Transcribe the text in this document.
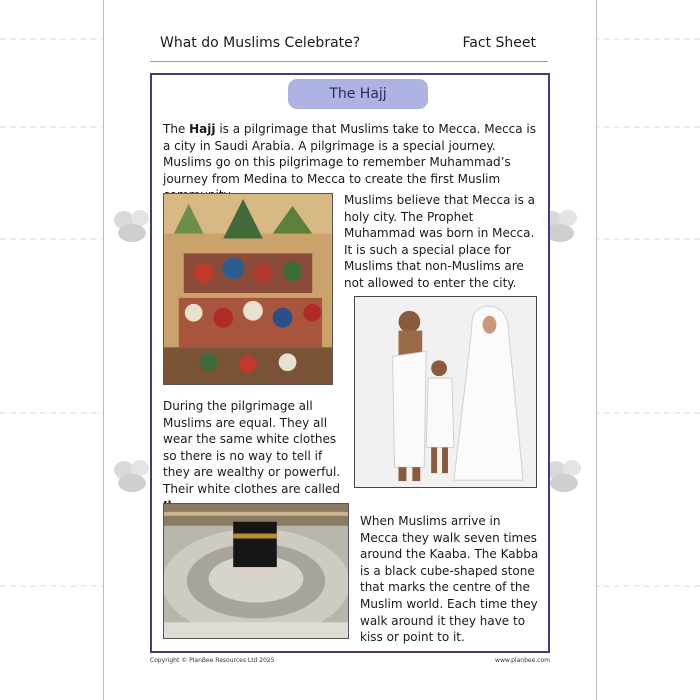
What do Muslims Celebrate?	Fact Sheet
The Hajj

The Hajj is a pilgrimage that Muslims take to Mecca. Mecca is a city in Saudi Arabia. A pilgrimage is a special journey. Muslims go on this pilgrimage to remember Muhammad’s journey from Medina to Mecca to create the first Muslim

Muslims believe that Mecca is a holy city. The Prophet Muhammad was born in Mecca. It is such a special place for Muslims that non-Muslims are not allowed to enter the city.

During the pilgrimage all Muslims are equal. They all wear the same white clothes so there is no way to tell if they are wealthy or powerful. Their white clothes are called

When Muslims arrive in Mecca they walk seven times around the Kaaba. The Kabba is a black cube-shaped stone that marks the centre of the Muslim world. Each time they walk around it they have to kiss or point to it.

Copyright © PlanBee Resources Ltd 2025	www.planbee.com
